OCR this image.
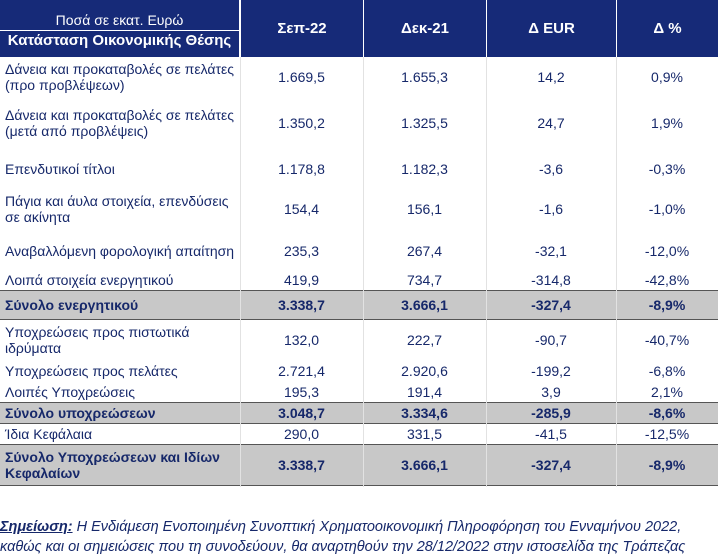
Ποσά σε εκατ. Ευρώ
Κατάσταση Οικονομικής Θέσης
Σεπ-22	Δεκ-21	Δ EUR	Δ %
Δάνεια και προκαταβολές σε πελάτες (προ προβλέψεων)	1.669,5	1.655,3	14,2	0,9%
Δάνεια και προκαταβολές σε πελάτες (μετά από προβλέψεις)	1.350,2	1.325,5	24,7	1,9%
Επενδυτικοί τίτλοι	1.178,8	1.182,3	-3,6	-0,3%
Πάγια και άυλα στοιχεία, επενδύσεις σε ακίνητα	154,4	156,1	-1,6	-1,0%
Αναβαλλόμενη φορολογική απαίτηση	235,3	267,4	-32,1	-12,0%
Λοιπά στοιχεία ενεργητικού	419,9	734,7	-314,8	-42,8%
Σύνολο ενεργητικού	3.338,7	3.666,1	-327,4	-8,9%
Υποχρεώσεις προς πιστωτικά ιδρύματα	132,0	222,7	-90,7	-40,7%
Υποχρεώσεις προς πελάτες	2.721,4	2.920,6	-199,2	-6,8%
Λοιπές Υποχρεώσεις	195,3	191,4	3,9	2,1%
Σύνολο υποχρεώσεων	3.048,7	3.334,6	-285,9	-8,6%
Ίδια Κεφάλαια	290,0	331,5	-41,5	-12,5%
Σύνολο Υποχρεώσεων και Ιδίων Κεφαλαίων	3.338,7	3.666,1	-327,4	-8,9%
Σημείωση: Η Ενδιάμεση Ενοποιημένη Συνοπτική Χρηματοοικονομική Πληροφόρηση του Ενναμήνου 2022,
καθώς και οι σημειώσεις που τη συνοδεύουν, θα αναρτηθούν την 28/12/2022 στην ιστοσελίδα της Τράπεζας
